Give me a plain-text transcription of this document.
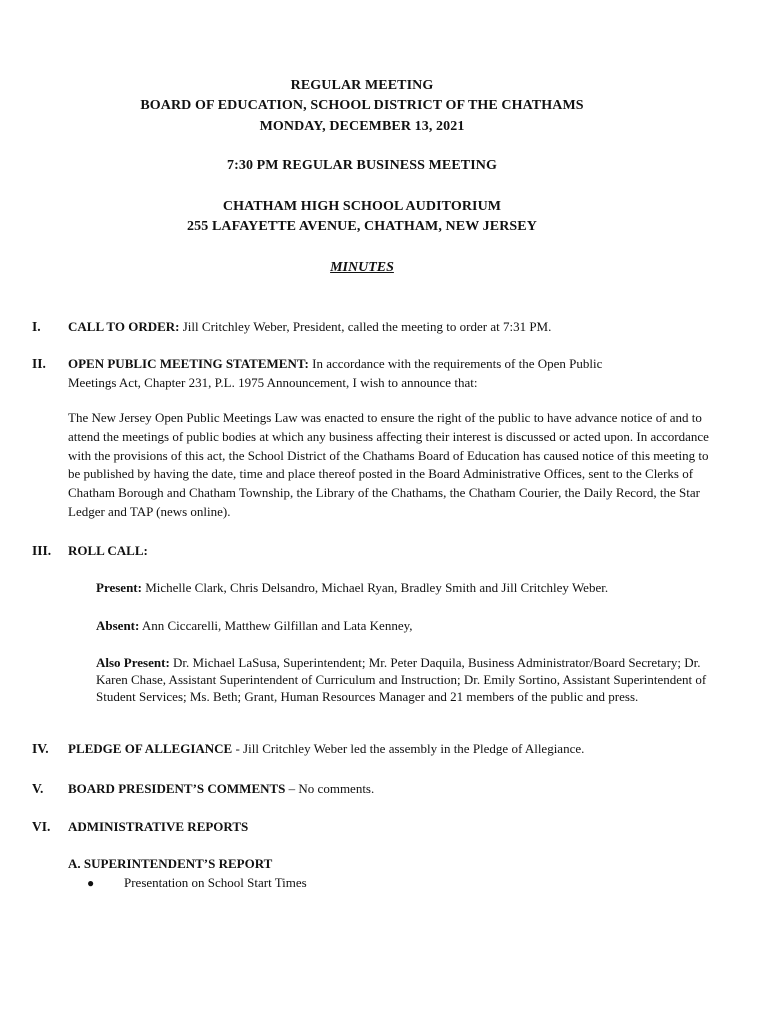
REGULAR MEETING
BOARD OF EDUCATION, SCHOOL DISTRICT OF THE CHATHAMS
MONDAY, DECEMBER 13, 2021
7:30 PM REGULAR BUSINESS MEETING
CHATHAM HIGH SCHOOL AUDITORIUM
255 LAFAYETTE AVENUE, CHATHAM, NEW JERSEY
MINUTES
I. CALL TO ORDER: Jill Critchley Weber, President, called the meeting to order at 7:31 PM.
II. OPEN PUBLIC MEETING STATEMENT: In accordance with the requirements of the Open Public
Meetings Act, Chapter 231, P.L. 1975 Announcement, I wish to announce that:
The New Jersey Open Public Meetings Law was enacted to ensure the right of the public to have advance notice of and to attend the meetings of public bodies at which any business affecting their interest is discussed or acted upon. In accordance with the provisions of this act, the School District of the Chathams Board of Education has caused notice of this meeting to be published by having the date, time and place thereof posted in the Board Administrative Offices, sent to the Clerks of Chatham Borough and Chatham Township, the Library of the Chathams, the Chatham Courier, the Daily Record, the Star Ledger and TAP (news online).
III. ROLL CALL:
Present: Michelle Clark, Chris Delsandro, Michael Ryan, Bradley Smith and Jill Critchley Weber.
Absent: Ann Ciccarelli, Matthew Gilfillan and Lata Kenney,
Also Present: Dr. Michael LaSusa, Superintendent; Mr. Peter Daquila, Business Administrator/Board Secretary; Dr. Karen Chase, Assistant Superintendent of Curriculum and Instruction; Dr. Emily Sortino, Assistant Superintendent of Student Services; Ms. Beth; Grant, Human Resources Manager and 21 members of the public and press.
IV. PLEDGE OF ALLEGIANCE - Jill Critchley Weber led the assembly in the Pledge of Allegiance.
V. BOARD PRESIDENT’S COMMENTS – No comments.
VI. ADMINISTRATIVE REPORTS
A. SUPERINTENDENT’S REPORT
● Presentation on School Start Times
